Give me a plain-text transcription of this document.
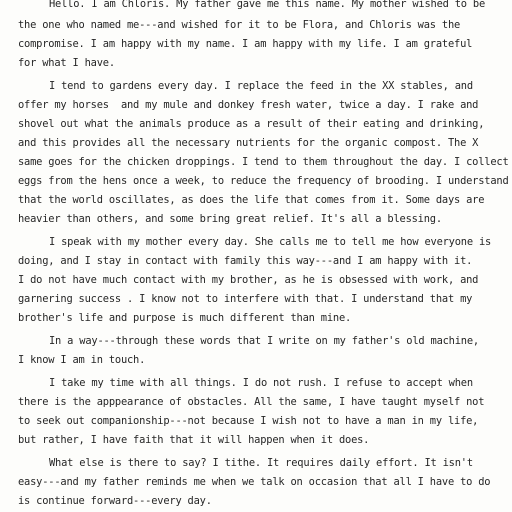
Hello. I am Chloris. My father gave me this name. My mother wished to be
the one who named me---and wished for it to be Flora, and Chloris was the
compromise. I am happy with my name. I am happy with my life. I am grateful
for what I have.
I tend to gardens every day. I replace the feed in the XX stables, and
offer my horses  and my mule and donkey fresh water, twice a day. I rake and
shovel out what the animals produce as a result of their eating and drinking,
and this provides all the necessary nutrients for the organic compost. The X
same goes for the chicken droppings. I tend to them throughout the day. I collect
eggs from the hens once a week, to reduce the frequency of brooding. I understand
that the world oscillates, as does the life that comes from it. Some days are
heavier than others, and some bring great relief. It's all a blessing.
I speak with my mother every day. She calls me to tell me how everyone is
doing, and I stay in contact with family this way---and I am happy with it.
I do not have much contact with my brother, as he is obsessed with work, and
garnering success . I know not to interfere with that. I understand that my
brother's life and purpose is much different than mine.
In a way---through these words that I write on my father's old machine,
I know I am in touch.
I take my time with all things. I do not rush. I refuse to accept when
there is the apppearance of obstacles. All the same, I have taught myself not
to seek out companionship---not because I wish not to have a man in my life,
but rather, I have faith that it will happen when it does.
What else is there to say? I tithe. It requires daily effort. It isn't
easy---and my father reminds me when we talk on occasion that all I have to do
is continue forward---every day.
